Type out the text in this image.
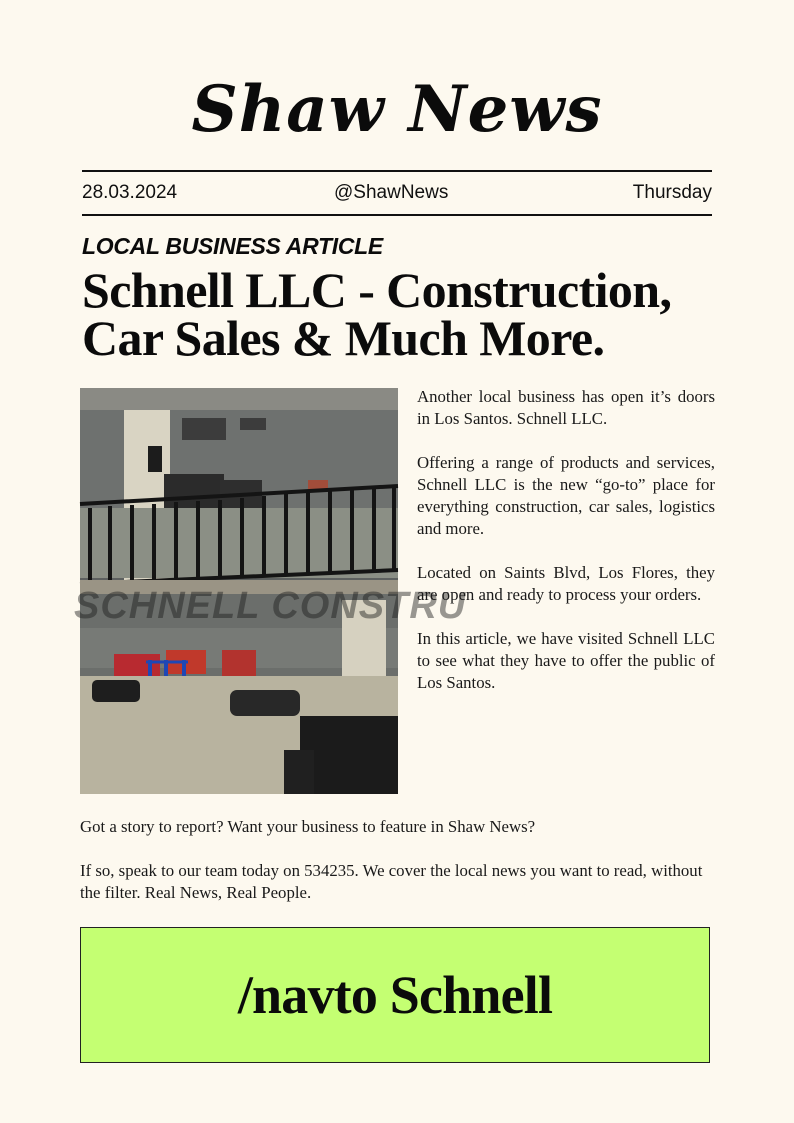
Shaw News
28.03.2024	@ShawNews	Thursday
LOCAL BUSINESS ARTICLE
Schnell LLC - Construction,
Car Sales & Much More.
SCHNELL CONSTRU

Another local business has open it’s doors in Los Santos. Schnell LLC.

Offering a range of products and services, Schnell LLC is the new “go-to” place for everything construction, car sales, logistics and more.

Located on Saints Blvd, Los Flores, they are open and ready to process your orders.

In this article, we have visited Schnell LLC to see what they have to offer the public of Los Santos.

Got a story to report? Want your business to feature in Shaw News?

If so, speak to our team today on 534235. We cover the local news you want to read, without the filter. Real News, Real People.

/navto Schnell
